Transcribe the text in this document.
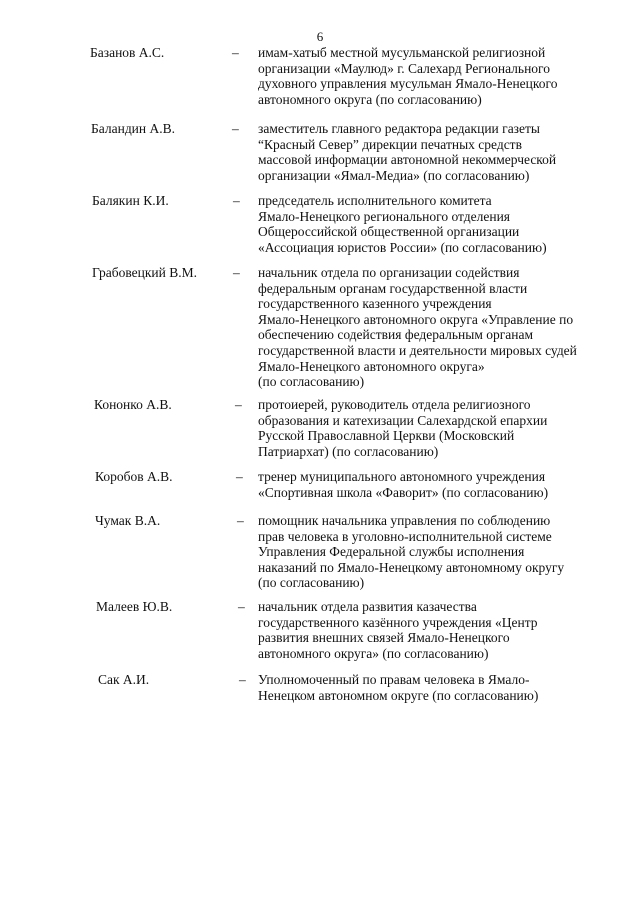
6
Базанов А.С.	– имам-хатыб местной мусульманской религиозной
организации «Маулюд» г. Салехард Регионального
духовного управления мусульман Ямало-Ненецкого
автономного округа (по согласованию)
Баландин А.В.	– заместитель главного редактора редакции газеты
“Красный Север” дирекции печатных средств
массовой информации автономной некоммерческой
организации «Ямал-Медиа» (по согласованию)
Балякин К.И.	– председатель исполнительного комитета
Ямало-Ненецкого регионального отделения
Общероссийской общественной организации
«Ассоциация юристов России» (по согласованию)
Грабовецкий В.М.	– начальник отдела по организации содействия
федеральным органам государственной власти
государственного казенного учреждения
Ямало-Ненецкого автономного округа «Управление по
обеспечению содействия федеральным органам
государственной власти и деятельности мировых судей
Ямало-Ненецкого автономного округа»
(по согласованию)
Кононко А.В.	– протоиерей, руководитель отдела религиозного
образования и катехизации Салехардской епархии
Русской Православной Церкви (Московский
Патриархат) (по согласованию)
Коробов А.В.	– тренер муниципального автономного учреждения
«Спортивная школа «Фаворит» (по согласованию)
Чумак В.А.	– помощник начальника управления по соблюдению
прав человека в уголовно-исполнительной системе
Управления Федеральной службы исполнения
наказаний по Ямало-Ненецкому автономному округу
(по согласованию)
Малеев Ю.В.	– начальник отдела развития казачества
государственного казённого учреждения «Центр
развития внешних связей Ямало-Ненецкого
автономного округа» (по согласованию)
Сак А.И.	– Уполномоченный по правам человека в Ямало-
Ненецком автономном округе (по согласованию)
